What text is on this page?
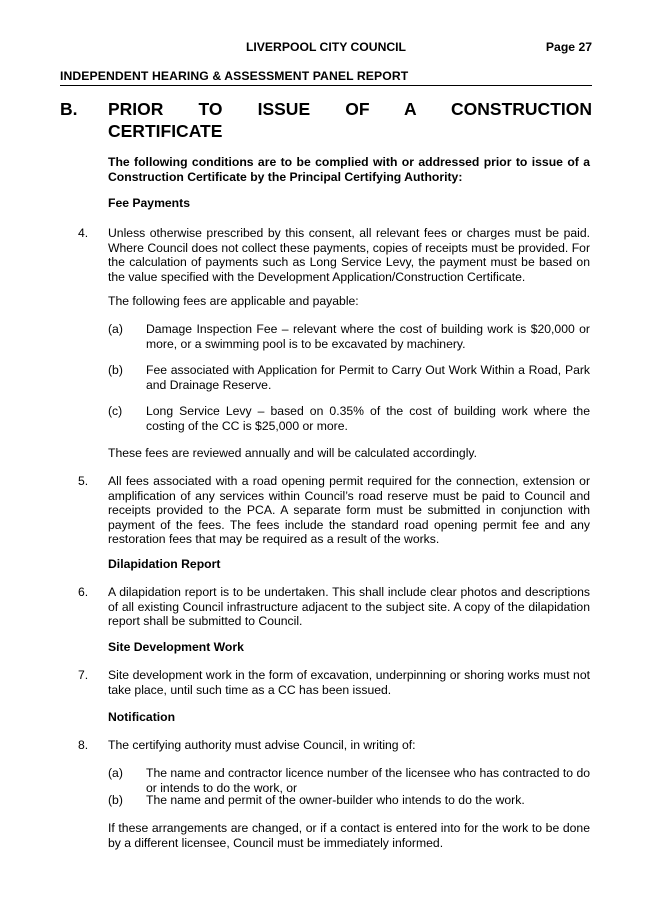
LIVERPOOL CITY COUNCIL	Page 27
INDEPENDENT HEARING & ASSESSMENT PANEL REPORT
B. PRIOR TO ISSUE OF A CONSTRUCTION
CERTIFICATE
The following conditions are to be complied with or addressed prior to issue of a Construction Certificate by the Principal Certifying Authority:
Fee Payments
4. Unless otherwise prescribed by this consent, all relevant fees or charges must be paid. Where Council does not collect these payments, copies of receipts must be provided. For the calculation of payments such as Long Service Levy, the payment must be based on the value specified with the Development Application/Construction Certificate.
The following fees are applicable and payable:
(a) Damage Inspection Fee – relevant where the cost of building work is $20,000 or more, or a swimming pool is to be excavated by machinery.
(b) Fee associated with Application for Permit to Carry Out Work Within a Road, Park and Drainage Reserve.
(c) Long Service Levy – based on 0.35% of the cost of building work where the costing of the CC is $25,000 or more.
These fees are reviewed annually and will be calculated accordingly.
5. All fees associated with a road opening permit required for the connection, extension or amplification of any services within Council’s road reserve must be paid to Council and receipts provided to the PCA. A separate form must be submitted in conjunction with payment of the fees. The fees include the standard road opening permit fee and any restoration fees that may be required as a result of the works.
Dilapidation Report
6. A dilapidation report is to be undertaken. This shall include clear photos and descriptions of all existing Council infrastructure adjacent to the subject site. A copy of the dilapidation report shall be submitted to Council.
Site Development Work
7. Site development work in the form of excavation, underpinning or shoring works must not take place, until such time as a CC has been issued.
Notification
8. The certifying authority must advise Council, in writing of:
(a) The name and contractor licence number of the licensee who has contracted to do or intends to do the work, or
(b) The name and permit of the owner-builder who intends to do the work.
If these arrangements are changed, or if a contact is entered into for the work to be done by a different licensee, Council must be immediately informed.
